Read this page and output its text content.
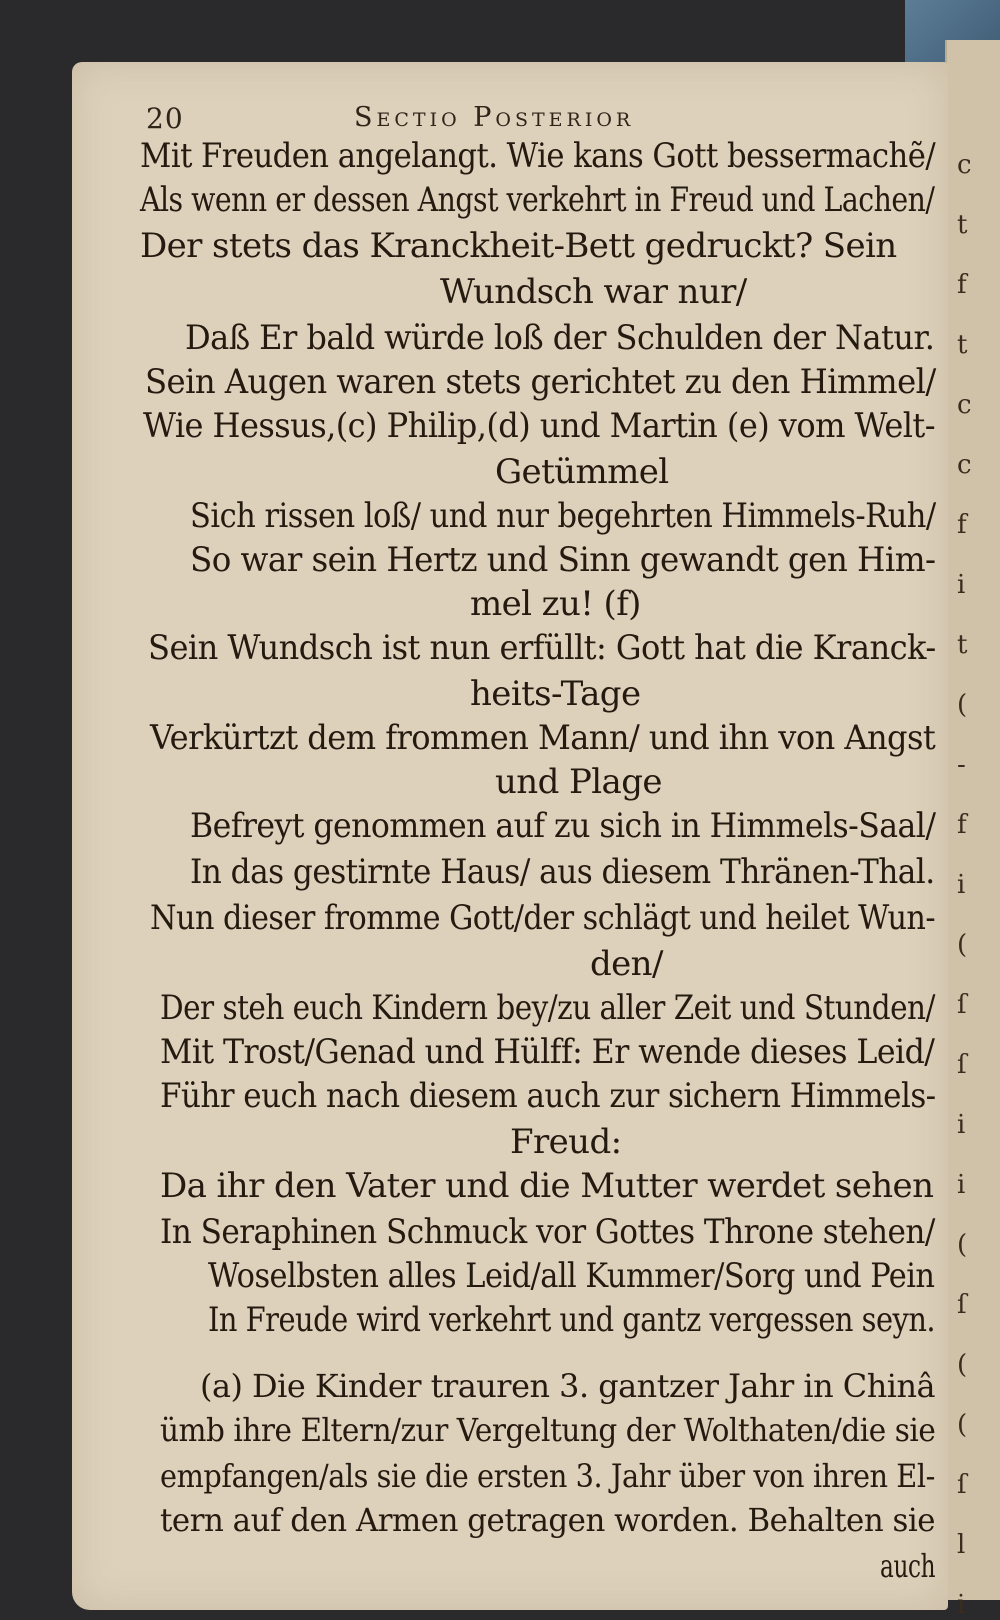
c
t
f
t
c
c
f
i
t
(
-
f
i
(
ſ
ſ
i
i
(
ſ
(
(
ſ
l
i
20	Sectio Posterior
Mit Freuden angelangt. Wie kans Gott bessermachẽ/
Als wenn er dessen Angst verkehrt in Freud und Lachen/
Der stets das Kranckheit-Bett gedruckt? Sein
Wundsch war nur/
Daß Er bald würde loß der Schulden der Natur.
Sein Augen waren stets gerichtet zu den Himmel/
Wie Hessus,(c) Philip,(d) und Martin (e) vom Welt-
Getümmel
Sich rissen loß/ und nur begehrten Himmels-Ruh/
So war sein Hertz und Sinn gewandt gen Him-
mel zu! (f)
Sein Wundsch ist nun erfüllt: Gott hat die Kranck-
heits-Tage
Verkürtzt dem frommen Mann/ und ihn von Angst
und Plage
Befreyt genommen auf zu sich in Himmels-Saal/
In das gestirnte Haus/ aus diesem Thränen-Thal.
Nun dieser fromme Gott/der schlägt und heilet Wun-
den/
Der steh euch Kindern bey/zu aller Zeit und Stunden/
Mit Trost/Genad und Hülff: Er wende dieses Leid/
Führ euch nach diesem auch zur sichern Himmels-
Freud:
Da ihr den Vater und die Mutter werdet sehen
In Seraphinen Schmuck vor Gottes Throne stehen/
Woselbsten alles Leid/all Kummer/Sorg und Pein
In Freude wird verkehrt und gantz vergessen seyn.
(a) Die Kinder trauren 3. gantzer Jahr in Chinâ
ümb ihre Eltern/zur Vergeltung der Wolthaten/die sie
empfangen/als sie die ersten 3. Jahr über von ihren El-
tern auf den Armen getragen worden. Behalten sie
auch
